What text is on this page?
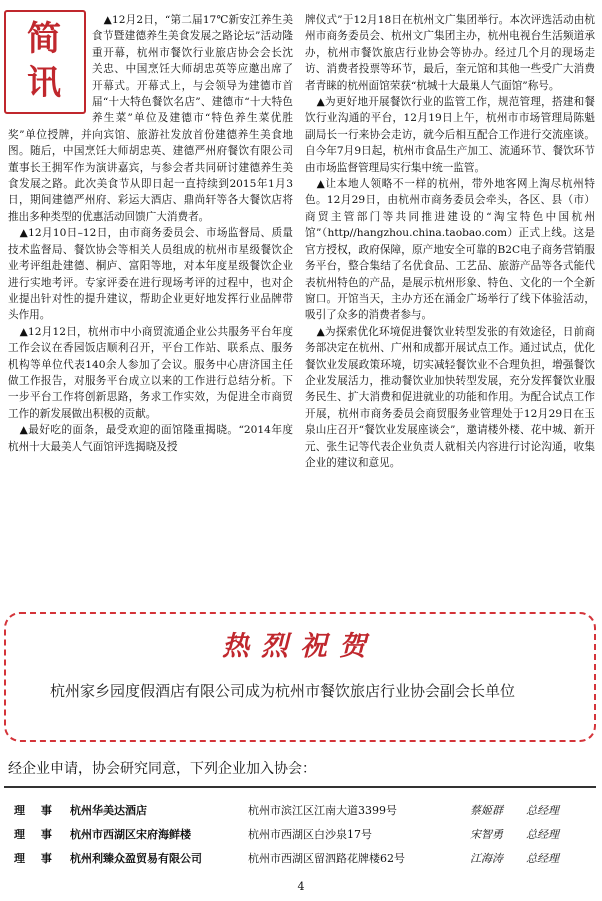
简
讯

▲12月2日，“第二届17℃新安江养生美食节暨建德养生美食发展之路论坛”活动隆重开幕，杭州市餐饮行业旅店协会会长沈关忠、中国烹饪大师胡忠英等应邀出席了开幕式。开幕式上，与会领导为建德市首届“十大特色餐饮名店”、建德市“十大特色养生菜”单位及建德市“特色养生菜优胜奖”单位授牌，并向宾馆、旅游社发放首份建德养生美食地图。随后，中国烹饪大师胡忠英、建德严州府餐饮有限公司董事长王拥军作为演讲嘉宾，与参会者共同研讨建德养生美食发展之路。此次美食节从即日起一直持续到2015年1月3日，期间建德严州府、彩运大酒店、鼎尚轩等各大餐饮店将推出多种类型的优惠活动回馈广大消费者。

▲12月10日–12日，由市商务委员会、市场监督局、质量技术监督局、餐饮协会等相关人员组成的杭州市星级餐饮企业考评组赴建德、桐庐、富阳等地，对本年度星级餐饮企业进行实地考评。专家评委在进行现场考评的过程中，也对企业提出针对性的提升建议，帮助企业更好地发挥行业品牌带头作用。

▲12月12日，杭州市中小商贸流通企业公共服务平台年度工作会议在香园饭店顺利召开，平台工作站、联系点、服务机构等单位代表140余人参加了会议。服务中心唐济国主任做工作报告，对服务平台成立以来的工作进行总结分析。下一步平台工作将创新思路，务求工作实效，为促进全市商贸工作的新发展做出积极的贡献。

▲最好吃的面条，最受欢迎的面馆隆重揭晓。“2014年度杭州十大最美人气面馆评选揭晓及授

牌仪式”于12月18日在杭州文广集团举行。本次评选活动由杭州市商务委员会、杭州文广集团主办，杭州电视台生活频道承办，杭州市餐饮旅店行业协会等协办。经过几个月的现场走访、消费者投票等环节，最后，奎元馆和其他一些受广大消费者青睐的杭州面馆荣获“杭城十大最巢人气面馆”称号。

▲为更好地开展餐饮行业的监管工作，规范管理，搭建和餐饮行业沟通的平台，12月19日上午，杭州市市场管理局陈魁副局长一行来协会走访，就今后相互配合工作进行交流座谈。自今年7月9日起，杭州市食品生产加工、流通环节、餐饮环节由市场监督管理局实行集中统一监管。

▲让本地人领略不一样的杭州，带外地客网上淘尽杭州特色。12月29日，由杭州市商务委员会牵头，各区、县（市）商贸主管部门等共同推进建设的“淘宝特色中国杭州馆”（http//hangzhou.china.taobao.com）正式上线。这是官方授权，政府保障，原产地安全可靠的B2C电子商务营销服务平台，整合集结了名优食品、工艺品、旅游产品等各式能代表杭州特色的产品，是展示杭州形象、特色、文化的一个全新窗口。开馆当天，主办方还在涌金广场举行了线下体验活动，吸引了众多的消费者参与。

▲为探索优化环境促进餐饮业转型发张的有效途径，日前商务部决定在杭州、广州和成都开展试点工作。通过试点，优化餐饮业发展政策环境，切实减轻餐饮业不合理负担，增强餐饮企业发展活力，推动餐饮业加快转型发展，充分发挥餐饮业服务民生、扩大消费和促进就业的功能和作用。为配合试点工作开展，杭州市商务委员会商贸服务业管理处于12月29日在玉泉山庄召开“餐饮业发展座谈会”，邀请楼外楼、花中城、新开元、张生记等代表企业负责人就相关内容进行讨论沟通，收集企业的建议和意见。

热烈祝贺
杭州家乡园度假酒店有限公司成为杭州市餐饮旅店行业协会副会长单位
经企业申请，协会研究同意，下列企业加入协会：
理 事	杭州华美达酒店	杭州市滨江区江南大道3399号	蔡姬群	总经理
理 事	杭州市西湖区宋府海鲜楼	杭州市西湖区白沙泉17号	宋智勇	总经理
理 事	杭州利臻众盈贸易有限公司	杭州市西湖区留泗路花牌楼62号	江海涛	总经理
4
